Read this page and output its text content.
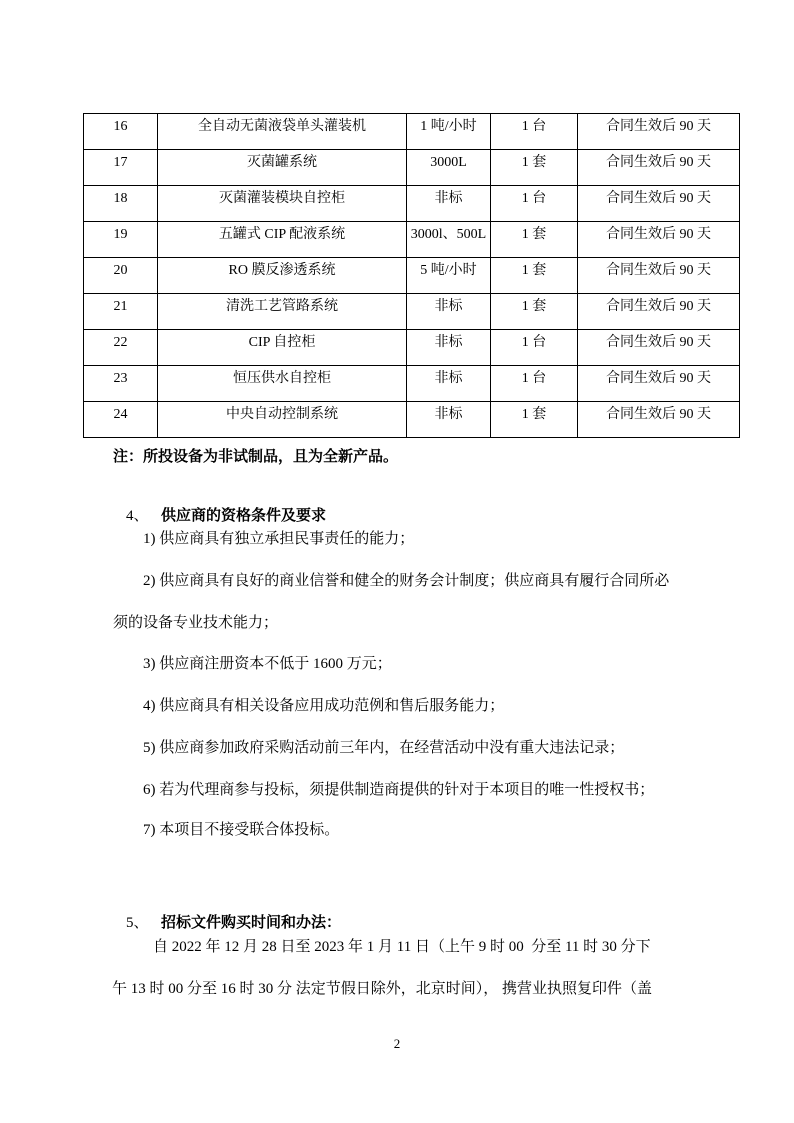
16	全自动无菌液袋单头灌装机	1 吨/小时	1 台	合同生效后 90 天
17	灭菌罐系统	3000L	1 套	合同生效后 90 天
18	灭菌灌装模块自控柜	非标	1 台	合同生效后 90 天
19	五罐式 CIP 配液系统	3000l、500L	1 套	合同生效后 90 天
20	RO 膜反渗透系统	5 吨/小时	1 套	合同生效后 90 天
21	清洗工艺管路系统	非标	1 套	合同生效后 90 天
22	CIP 自控柜	非标	1 台	合同生效后 90 天
23	恒压供水自控柜	非标	1 台	合同生效后 90 天
24	中央自动控制系统	非标	1 套	合同生效后 90 天
注：所投设备为非试制品，且为全新产品。

4、 供应商的资格条件及要求

1) 供应商具有独立承担民事责任的能力；
2) 供应商具有良好的商业信誉和健全的财务会计制度；供应商具有履行合同所必
须的设备专业技术能力；
3) 供应商注册资本不低于 1600 万元；
4) 供应商具有相关设备应用成功范例和售后服务能力；
5) 供应商参加政府采购活动前三年内，在经营活动中没有重大违法记录；
6) 若为代理商参与投标，须提供制造商提供的针对于本项目的唯一性授权书；
7) 本项目不接受联合体投标。

5、 招标文件购买时间和办法：

自 2022 年 12 月 28 日至 2023 年 1 月 11 日（上午 9 时 00  分至 11 时 30 分下
午 13 时 00 分至 16 时 30 分 法定节假日除外，北京时间）， 携营业执照复印件（盖
2
